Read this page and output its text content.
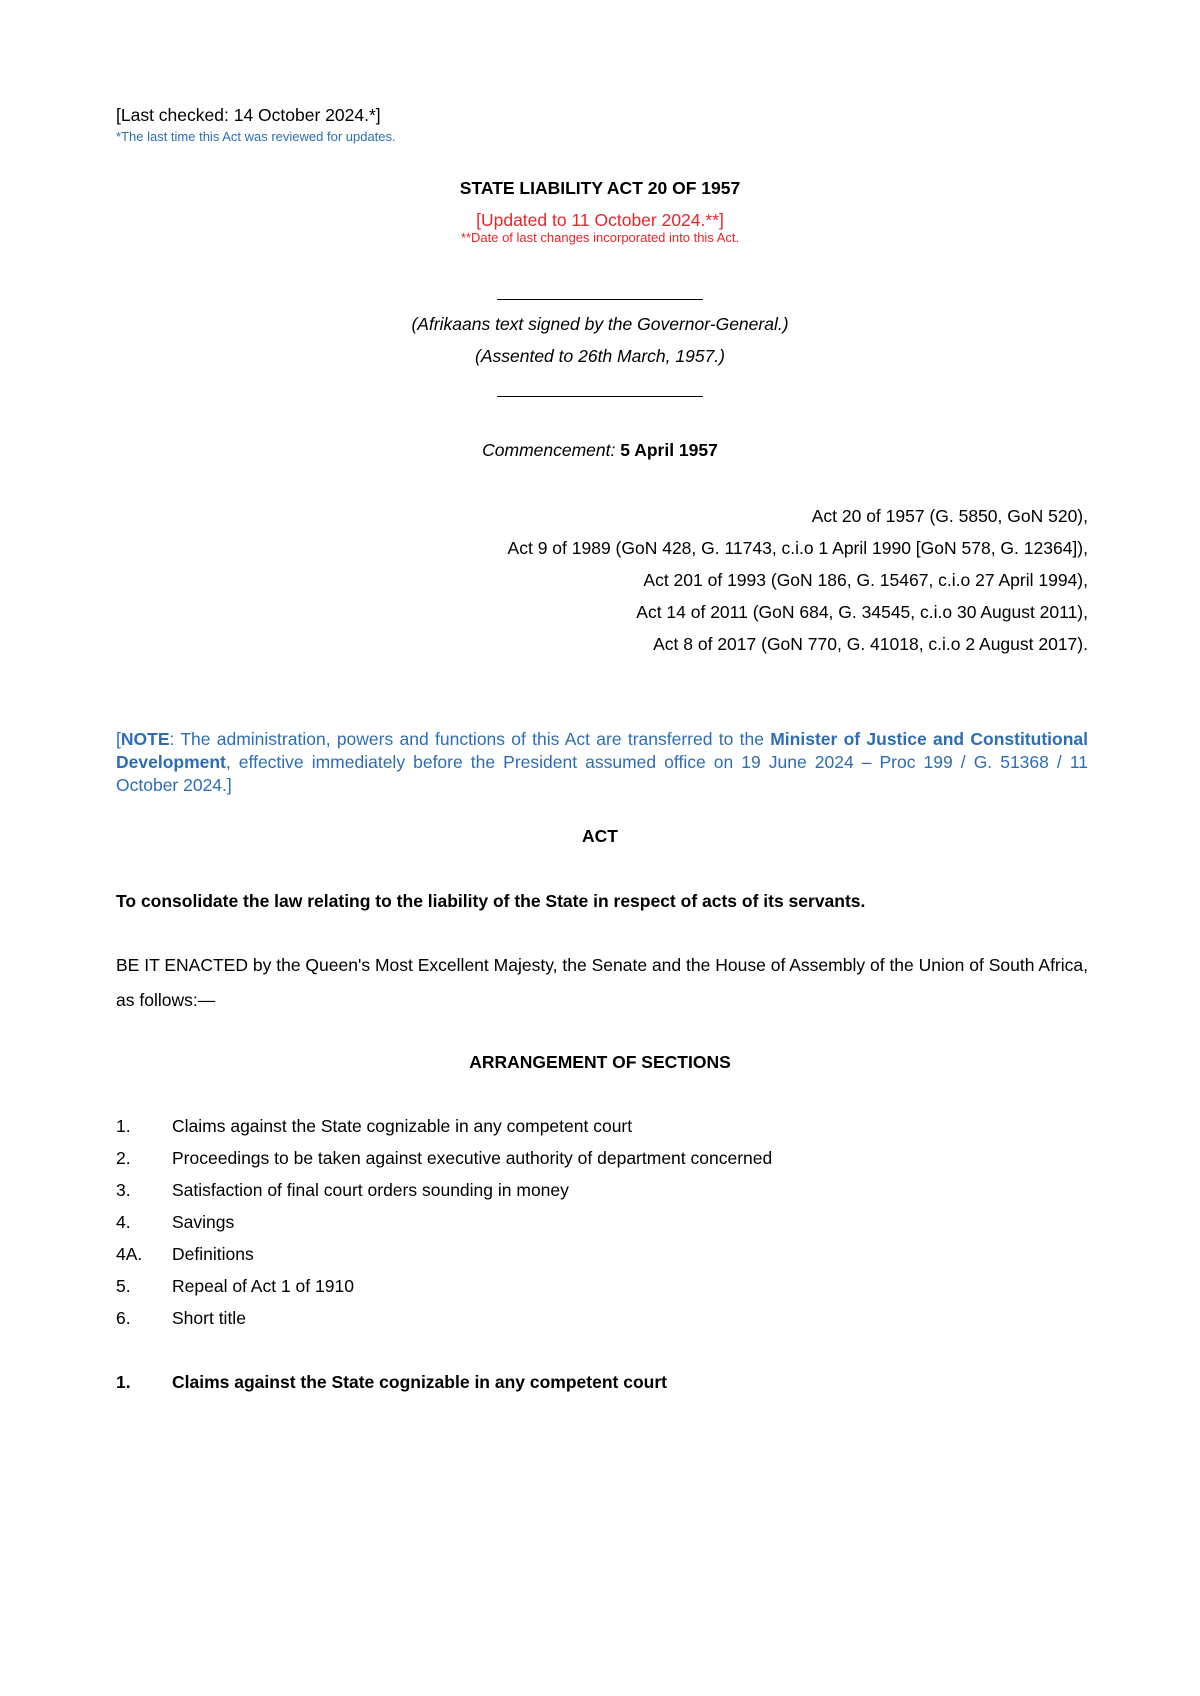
[Last checked: 14 October 2024.*]
*The last time this Act was reviewed for updates.
STATE LIABILITY ACT 20 OF 1957
[Updated to 11 October 2024.**]
**Date of last changes incorporated into this Act.
(Afrikaans text signed by the Governor-General.)
(Assented to 26th March, 1957.)
Commencement: 5 April 1957
Act 20 of 1957 (G. 5850, GoN 520),
Act 9 of 1989 (GoN 428, G. 11743, c.i.o 1 April 1990 [GoN 578, G. 12364]),
Act 201 of 1993 (GoN 186, G. 15467, c.i.o 27 April 1994),
Act 14 of 2011 (GoN 684, G. 34545, c.i.o 30 August 2011),
Act 8 of 2017 (GoN 770, G. 41018, c.i.o 2 August 2017).
[NOTE: The administration, powers and functions of this Act are transferred to the Minister of Justice and Constitutional Development, effective immediately before the President assumed office on 19 June 2024 – Proc 199 / G. 51368 / 11 October 2024.]
ACT
To consolidate the law relating to the liability of the State in respect of acts of its servants.
BE IT ENACTED by the Queen's Most Excellent Majesty, the Senate and the House of Assembly of the Union of South Africa, as follows:—
ARRANGEMENT OF SECTIONS
1. Claims against the State cognizable in any competent court
2. Proceedings to be taken against executive authority of department concerned
3. Satisfaction of final court orders sounding in money
4. Savings
4A. Definitions
5. Repeal of Act 1 of 1910
6. Short title
1. Claims against the State cognizable in any competent court
